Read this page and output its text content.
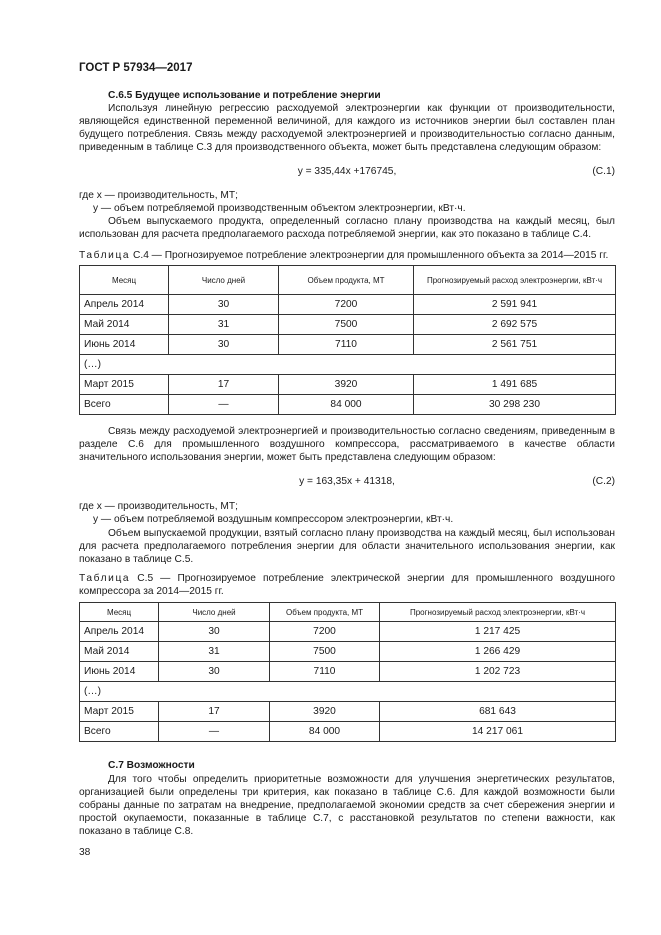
ГОСТ Р 57934—2017
С.6.5 Будущее использование и потребление энергии
Используя линейную регрессию расходуемой электроэнергии как функции от производительности, являющейся единственной переменной величиной, для каждого из источников энергии был составлен план будущего потребления. Связь между расходуемой электроэнергией и производительностью согласно данным, приведенным в таблице С.3 для производственного объекта, может быть представлена следующим образом:
y = 335,44x +176745,	(С.1)
где x — производительность, МТ;
y — объем потребляемой производственным объектом электроэнергии, кВт·ч.
Объем выпускаемого продукта, определенный согласно плану производства на каждый месяц, был использован для расчета предполагаемого расхода потребляемой энергии, как это показано в таблице С.4.
Таблица С.4 — Прогнозируемое потребление электроэнергии для промышленного объекта за 2014—2015 гг.
Месяц	Число дней	Объем продукта, МТ	Прогнозируемый расход электроэнергии, кВт·ч
Апрель 2014	30	7200	2 591 941
Май 2014	31	7500	2 692 575
Июнь 2014	30	7110	2 561 751
(…)			
Март 2015	17	3920	1 491 685
Всего	—	84 000	30 298 230
Связь между расходуемой электроэнергией и производительностью согласно сведениям, приведенным в разделе С.6 для промышленного воздушного компрессора, рассматриваемого в качестве области значительного использования энергии, может быть представлена следующим образом:
y = 163,35x + 41318,	(С.2)
где x — производительность, МТ;
y — объем потребляемой воздушным компрессором электроэнергии, кВт·ч.
Объем выпускаемой продукции, взятый согласно плану производства на каждый месяц, был использован для расчета предполагаемого потребления энергии для области значительного использования энергии, как показано в таблице С.5.
Таблица С.5 — Прогнозируемое потребление электрической энергии для промышленного воздушного компрессора за 2014—2015 гг.
Месяц	Число дней	Объем продукта, МТ	Прогнозируемый расход электроэнергии, кВт·ч
Апрель 2014	30	7200	1 217 425
Май 2014	31	7500	1 266 429
Июнь 2014	30	7110	1 202 723
(…)			
Март 2015	17	3920	681 643
Всего	—	84 000	14 217 061
С.7 Возможности
Для того чтобы определить приоритетные возможности для улучшения энергетических результатов, организацией были определены три критерия, как показано в таблице С.6. Для каждой возможности были собраны данные по затратам на внедрение, предполагаемой экономии средств за счет сбережения энергии и простой окупаемости, показанные в таблице С.7, с расстановкой результатов по степени важности, как показано в таблице С.8.
38
